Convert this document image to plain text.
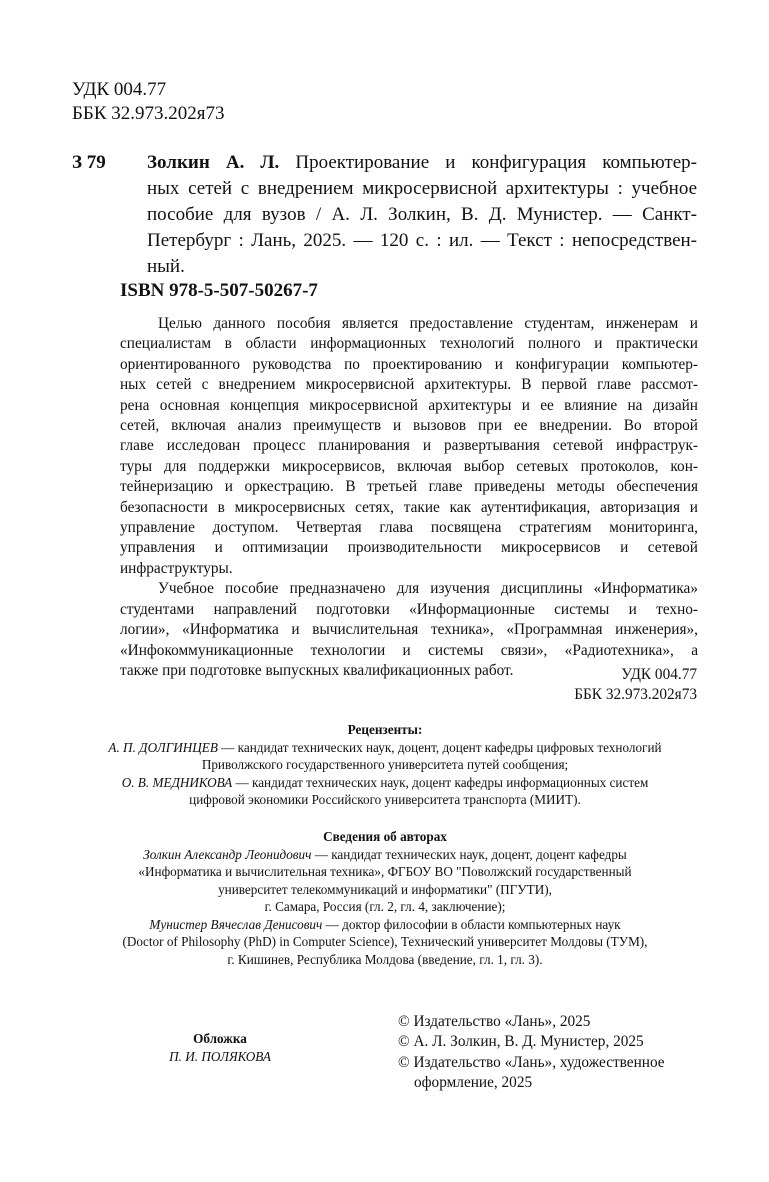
УДК 004.77
ББК 32.973.202я73
З 79 Золкин А. Л. Проектирование и конфигурация компьютер-
ных сетей с внедрением микросервисной архитектуры : учебное
пособие для вузов / А. Л. Золкин, В. Д. Мунистер. — Санкт-
Петербург : Лань, 2025. — 120 с. : ил. — Текст : непосредствен-
ный.
ISBN 978-5-507-50267-7
Целью данного пособия является предоставление студентам, инженерам и
специалистам в области информационных технологий полного и практически
ориентированного руководства по проектированию и конфигурации компьютер-
ных сетей с внедрением микросервисной архитектуры. В первой главе рассмот-
рена основная концепция микросервисной архитектуры и ее влияние на дизайн
сетей, включая анализ преимуществ и вызовов при ее внедрении. Во второй
главе исследован процесс планирования и развертывания сетевой инфраструк-
туры для поддержки микросервисов, включая выбор сетевых протоколов, кон-
тейнеризацию и оркестрацию. В третьей главе приведены методы обеспечения
безопасности в микросервисных сетях, такие как аутентификация, авторизация и
управление доступом. Четвертая глава посвящена стратегиям мониторинга,
управления и оптимизации производительности микросервисов и сетевой
инфраструктуры.
Учебное пособие предназначено для изучения дисциплины «Информатика»
студентами направлений подготовки «Информационные системы и техно-
логии», «Информатика и вычислительная техника», «Программная инженерия»,
«Инфокоммуникационные технологии и системы связи», «Радиотехника», а
также при подготовке выпускных квалификационных работ.	УДК 004.77
ББК 32.973.202я73
Рецензенты:
А. П. ДОЛГИНЦЕВ — кандидат технических наук, доцент, доцент кафедры цифровых технологий
Приволжского государственного университета путей сообщения;
О. В. МЕДНИКОВА — кандидат технических наук, доцент кафедры информационных систем
цифровой экономики Российского университета транспорта (МИИТ).
Сведения об авторах
Золкин Александр Леонидович — кандидат технических наук, доцент, доцент кафедры
«Информатика и вычислительная техника», ФГБОУ ВО "Поволжский государственный
университет телекоммуникаций и информатики" (ПГУТИ),
г. Самара, Россия (гл. 2, гл. 4, заключение);
Мунистер Вячеслав Денисович — доктор философии в области компьютерных наук
(Doctor of Philosophy (PhD) in Computer Science), Технический университет Молдовы (ТУМ),
г. Кишинев, Республика Молдова (введение, гл. 1, гл. 3).
Обложка
П. И. ПОЛЯКОВА
© Издательство «Лань», 2025
© А. Л. Золкин, В. Д. Мунистер, 2025
© Издательство «Лань», художественное
оформление, 2025
